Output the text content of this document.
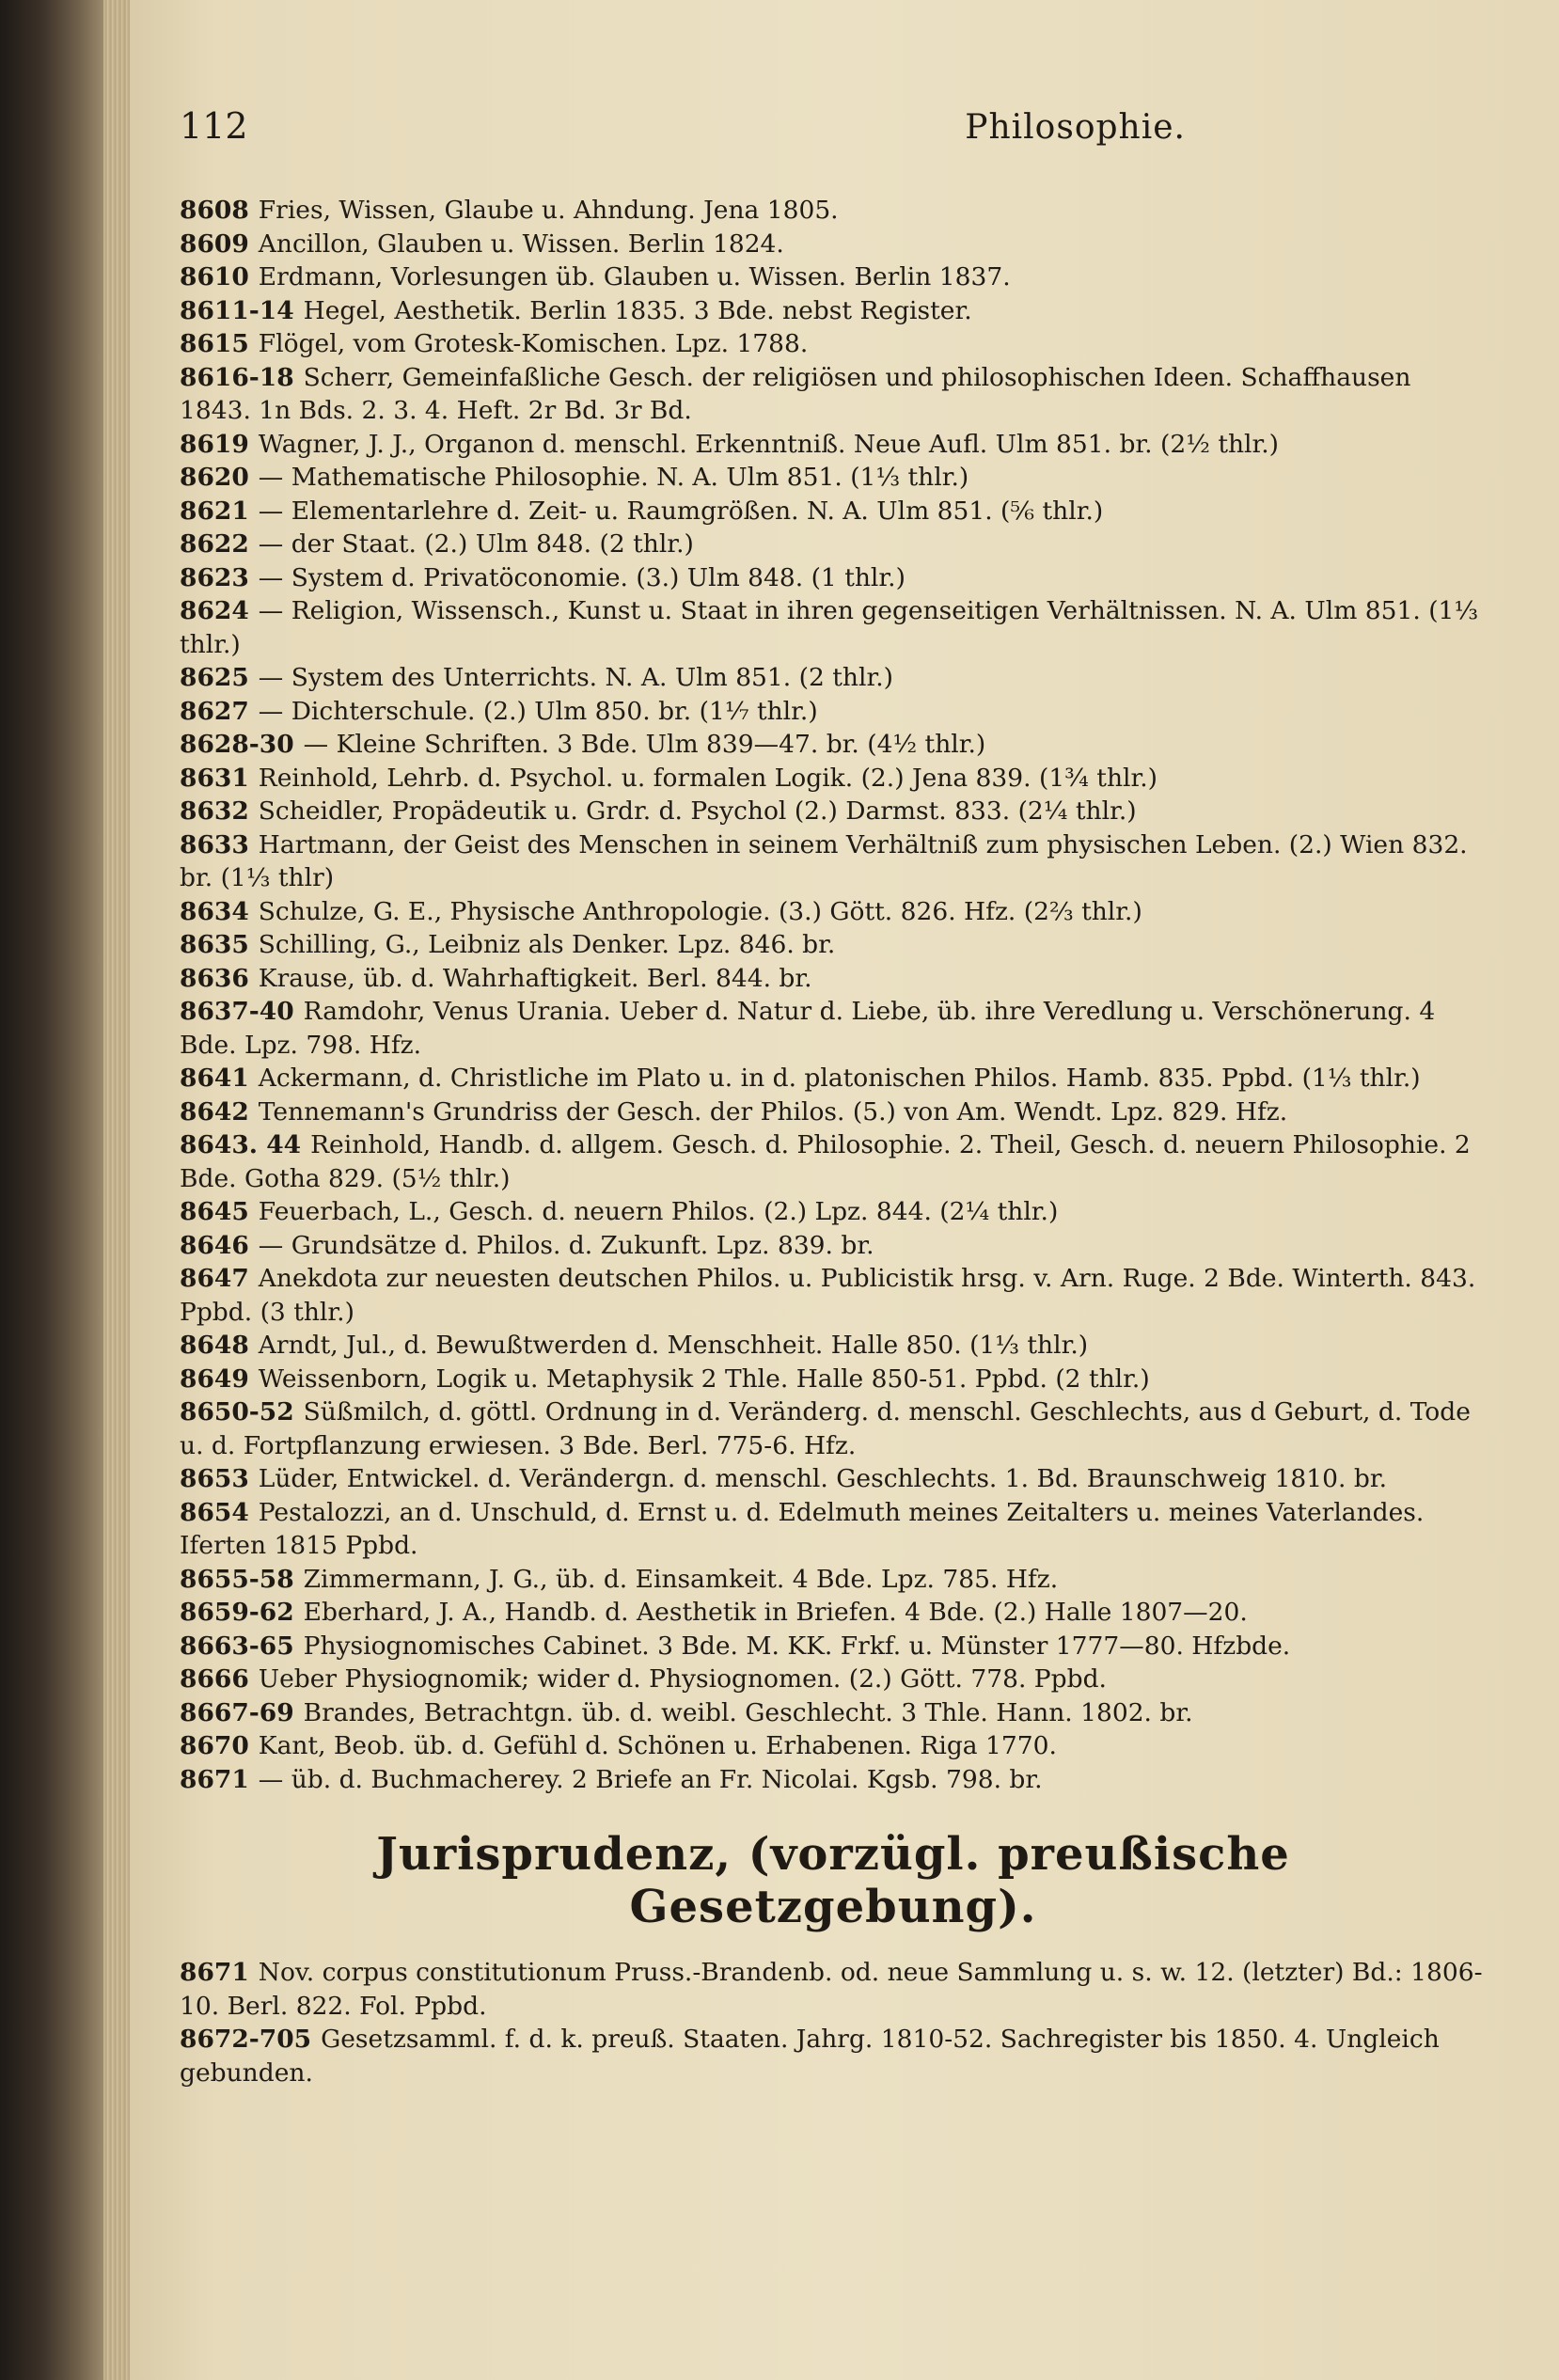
112	Philosophie.
8608 Fries, Wissen, Glaube u. Ahndung. Jena 1805.
8609 Ancillon, Glauben u. Wissen. Berlin 1824.
8610 Erdmann, Vorlesungen üb. Glauben u. Wissen. Berlin 1837.
8611-14 Hegel, Aesthetik. Berlin 1835. 3 Bde. nebst Register.
8615 Flögel, vom Grotesk-Komischen. Lpz. 1788.
8616-18 Scherr, Gemeinfaßliche Gesch. der religiösen und philosophischen Ideen. Schaffhausen 1843. 1n Bds. 2. 3. 4. Heft. 2r Bd. 3r Bd.
8619 Wagner, J. J., Organon d. menschl. Erkenntniß. Neue Aufl. Ulm 851. br. (2½ thlr.)
8620 — Mathematische Philosophie. N. A. Ulm 851. (1⅓ thlr.)
8621 — Elementarlehre d. Zeit- u. Raumgrößen. N. A. Ulm 851. (⅚ thlr.)
8622 — der Staat. (2.) Ulm 848. (2 thlr.)
8623 — System d. Privatöconomie. (3.) Ulm 848. (1 thlr.)
8624 — Religion, Wissensch., Kunst u. Staat in ihren gegenseitigen Verhältnissen. N. A. Ulm 851. (1⅓ thlr.)
8625 — System des Unterrichts. N. A. Ulm 851. (2 thlr.)
8627 — Dichterschule. (2.) Ulm 850. br. (1⅐ thlr.)
8628-30 — Kleine Schriften. 3 Bde. Ulm 839—47. br. (4½ thlr.)
8631 Reinhold, Lehrb. d. Psychol. u. formalen Logik. (2.) Jena 839. (1¾ thlr.)
8632 Scheidler, Propädeutik u. Grdr. d. Psychol (2.) Darmst. 833. (2¼ thlr.)
8633 Hartmann, der Geist des Menschen in seinem Verhältniß zum physischen Leben. (2.) Wien 832. br. (1⅓ thlr)
8634 Schulze, G. E., Physische Anthropologie. (3.) Gött. 826. Hfz. (2⅔ thlr.)
8635 Schilling, G., Leibniz als Denker. Lpz. 846. br.
8636 Krause, üb. d. Wahrhaftigkeit. Berl. 844. br.
8637-40 Ramdohr, Venus Urania. Ueber d. Natur d. Liebe, üb. ihre Veredlung u. Verschönerung. 4 Bde. Lpz. 798. Hfz.
8641 Ackermann, d. Christliche im Plato u. in d. platonischen Philos. Hamb. 835. Ppbd. (1⅓ thlr.)
8642 Tennemann's Grundriss der Gesch. der Philos. (5.) von Am. Wendt. Lpz. 829. Hfz.
8643. 44 Reinhold, Handb. d. allgem. Gesch. d. Philosophie. 2. Theil, Gesch. d. neuern Philosophie. 2 Bde. Gotha 829. (5½ thlr.)
8645 Feuerbach, L., Gesch. d. neuern Philos. (2.) Lpz. 844. (2¼ thlr.)
8646 — Grundsätze d. Philos. d. Zukunft. Lpz. 839. br.
8647 Anekdota zur neuesten deutschen Philos. u. Publicistik hrsg. v. Arn. Ruge. 2 Bde. Winterth. 843. Ppbd. (3 thlr.)
8648 Arndt, Jul., d. Bewußtwerden d. Menschheit. Halle 850. (1⅓ thlr.)
8649 Weissenborn, Logik u. Metaphysik 2 Thle. Halle 850-51. Ppbd. (2 thlr.)
8650-52 Süßmilch, d. göttl. Ordnung in d. Veränderg. d. menschl. Geschlechts, aus d Geburt, d. Tode u. d. Fortpflanzung erwiesen. 3 Bde. Berl. 775-6. Hfz.
8653 Lüder, Entwickel. d. Verändergn. d. menschl. Geschlechts. 1. Bd. Braunschweig 1810. br.
8654 Pestalozzi, an d. Unschuld, d. Ernst u. d. Edelmuth meines Zeitalters u. meines Vaterlandes. Iferten 1815 Ppbd.
8655-58 Zimmermann, J. G., üb. d. Einsamkeit. 4 Bde. Lpz. 785. Hfz.
8659-62 Eberhard, J. A., Handb. d. Aesthetik in Briefen. 4 Bde. (2.) Halle 1807—20.
8663-65 Physiognomisches Cabinet. 3 Bde. M. KK. Frkf. u. Münster 1777—80. Hfzbde.
8666 Ueber Physiognomik; wider d. Physiognomen. (2.) Gött. 778. Ppbd.
8667-69 Brandes, Betrachtgn. üb. d. weibl. Geschlecht. 3 Thle. Hann. 1802. br.
8670 Kant, Beob. üb. d. Gefühl d. Schönen u. Erhabenen. Riga 1770.
8671 — üb. d. Buchmacherey. 2 Briefe an Fr. Nicolai. Kgsb. 798. br.
Jurisprudenz, (vorzügl. preußische Gesetzgebung).
8671 Nov. corpus constitutionum Pruss.-Brandenb. od. neue Sammlung u. s. w. 12. (letzter) Bd.: 1806-10. Berl. 822. Fol. Ppbd.
8672-705 Gesetzsamml. f. d. k. preuß. Staaten. Jahrg. 1810-52. Sachregister bis 1850. 4. Ungleich gebunden.
